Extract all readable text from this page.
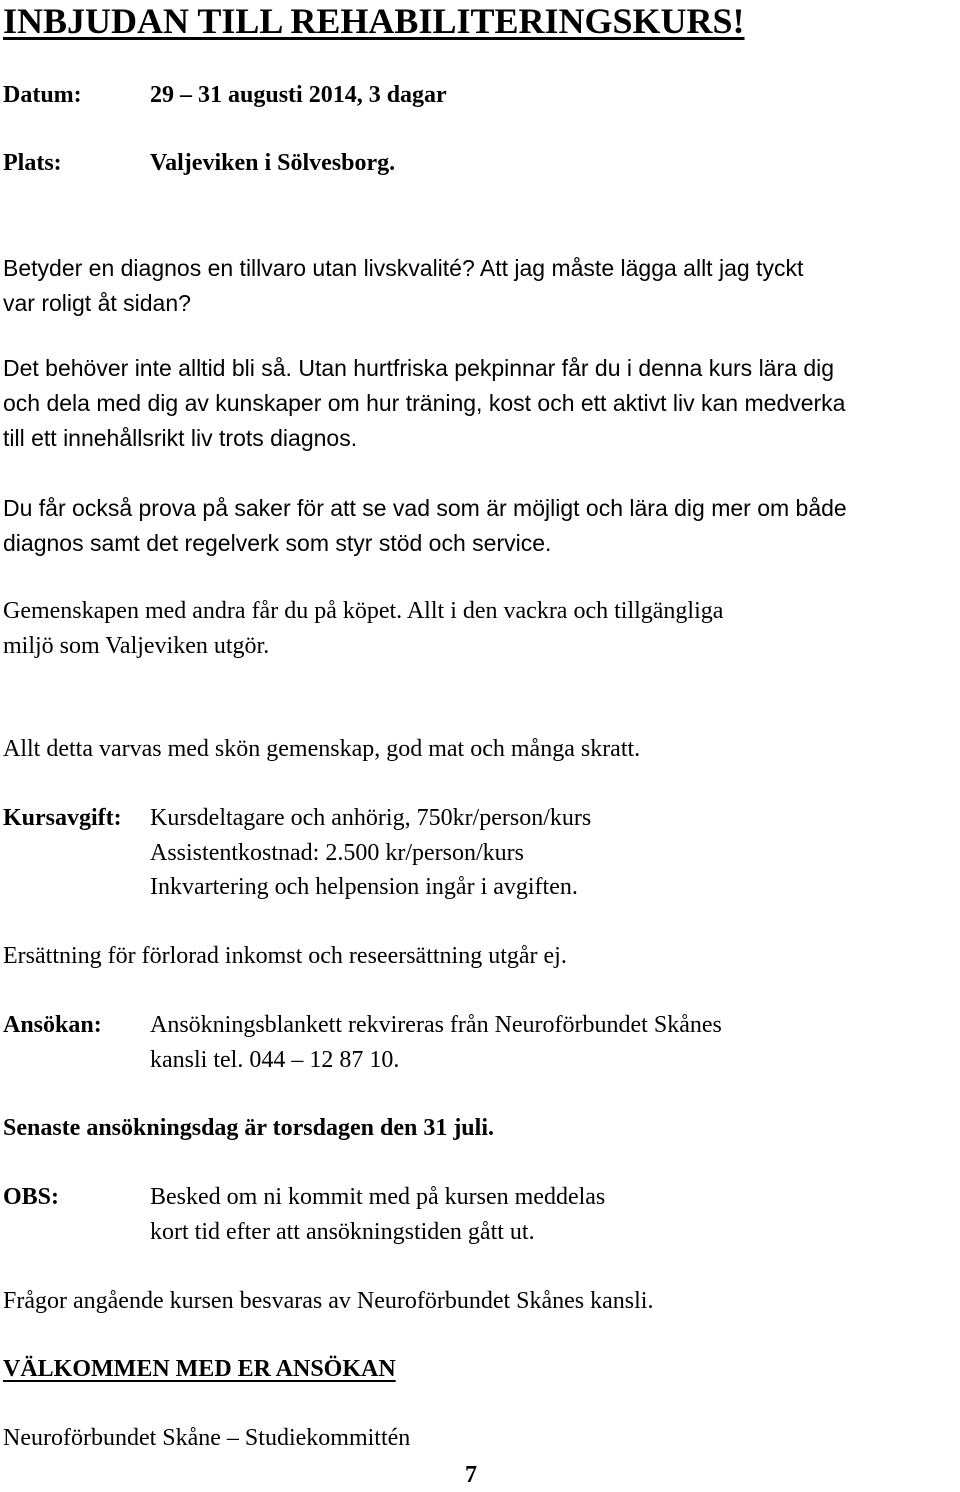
INBJUDAN TILL REHABILITERINGSKURS!
Datum:	29 – 31 augusti 2014, 3 dagar
Plats:	Valjeviken i Sölvesborg.
Betyder en diagnos en tillvaro utan livskvalité? Att jag måste lägga allt jag tyckt
var roligt åt sidan?
Det behöver inte alltid bli så. Utan hurtfriska pekpinnar får du i denna kurs lära dig
och dela med dig av kunskaper om hur träning, kost och ett aktivt liv kan medverka
till ett innehållsrikt liv trots diagnos.
Du får också prova på saker för att se vad som är möjligt och lära dig mer om både
diagnos samt det regelverk som styr stöd och service.
Gemenskapen med andra får du på köpet. Allt i den vackra och tillgängliga
miljö som Valjeviken utgör.
Allt detta varvas med skön gemenskap, god mat och många skratt.
Kursavgift: Kursdeltagare och anhörig, 750kr/person/kurs
Assistentkostnad: 2.500 kr/person/kurs
Inkvartering och helpension ingår i avgiften.
Ersättning för förlorad inkomst och reseersättning utgår ej.
Ansökan: Ansökningsblankett rekvireras från Neuroförbundet Skånes
kansli tel. 044 – 12 87 10.
Senaste ansökningsdag är torsdagen den 31 juli.
OBS:	Besked om ni kommit med på kursen meddelas
kort tid efter att ansökningstiden gått ut.
Frågor angående kursen besvaras av Neuroförbundet Skånes kansli.
VÄLKOMMEN MED ER ANSÖKAN
Neuroförbundet Skåne – Studiekommittén
7
